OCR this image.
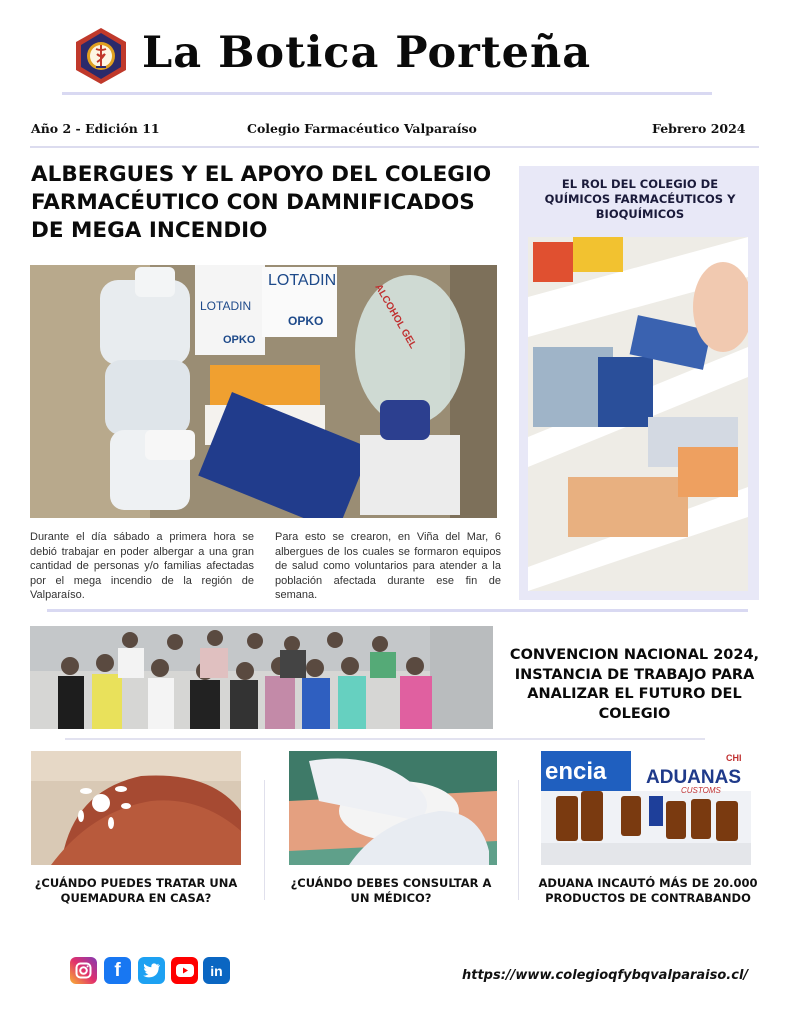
La Botica Porteña
Año 2 - Edición 11	Colegio Farmacéutico Valparaíso	Febrero 2024
ALBERGUES Y EL APOYO DEL COLEGIO FARMACÉUTICO CON DAMNIFICADOS DE MEGA INCENDIO
LOTADIN
OPKO
LOTADIN
OPKO	ALCOHOL GEL

Durante el día sábado a primera hora se debió trabajar en poder albergar a una gran cantidad de personas y/o familias afectadas por el mega incendio de la región de Valparaíso.

Para esto se crearon, en Viña del Mar, 6 albergues de los cuales se formaron equipos de salud como voluntarios para atender a la población afectada durante ese fin de semana.

EL ROL DEL COLEGIO DE QUÍMICOS FARMACÉUTICOS Y BIOQUÍMICOS
CONVENCION NACIONAL 2024, INSTANCIA DE TRABAJO PARA ANALIZAR EL FUTURO DEL COLEGIO
encia ADUANAS
CUSTOMS
CHI
¿CUÁNDO PUEDES TRATAR UNA QUEMADURA EN CASA?
¿CUÁNDO DEBES CONSULTAR A UN MÉDICO?
ADUANA INCAUTÓ MÁS DE 20.000 PRODUCTOS DE CONTRABANDO
f	in	https://www.colegioqfybqvalparaiso.cl/
